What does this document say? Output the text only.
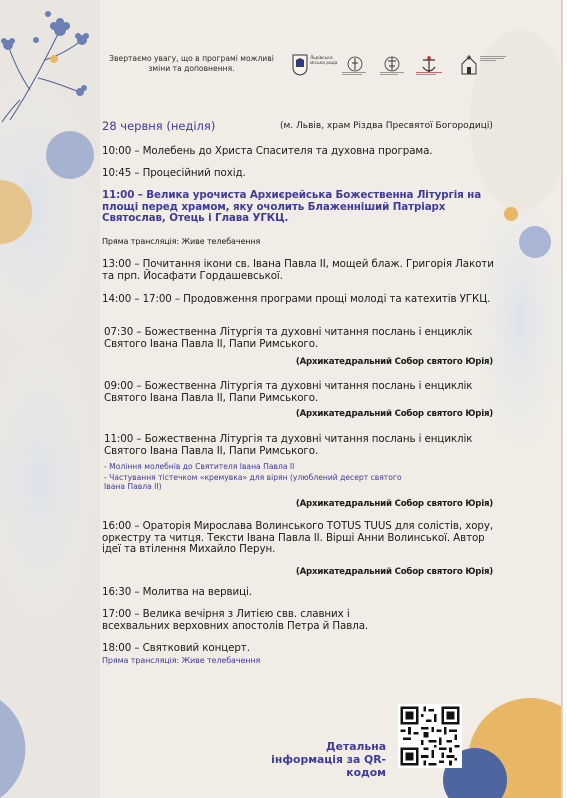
Звертаємо увагу, що в програмі можливі зміни та доповнення.
Львівська міська рада
28 червня (неділя)	(м. Львів, храм Різдва Пресвятої Богородиці)
10:00 – Молебень до Христа Спасителя та духовна програма.
10:45 – Процесійний похід.
11:00 – Велика урочиста Архиєрейська Божественна Літургія на площі перед храмом, яку очолить Блаженніший Патріарх Святослав, Отець і Глава УГКЦ.
Пряма трансляція: Живе телебачення
13:00 – Почитання ікони св. Івана Павла ІІ, мощей блаж. Григорія Лакоти та прп. Йосафати Гордашевської.
14:00 – 17:00 – Продовження програми прощі молоді та катехитів УГКЦ.
07:30 – Божественна Літургія та духовні читання послань і енциклік Святого Івана Павла ІІ, Папи Римського.
(Архикатедральний Собор святого Юрія)
09:00 – Божественна Літургія та духовні читання послань і енциклік Святого Івана Павла ІІ, Папи Римського.
(Архикатедральний Собор святого Юрія)
11:00 – Божественна Літургія та духовні читання послань і енциклік Святого Івана Павла ІІ, Папи Римського.
- Моління молебнів до Святителя Івана Павла ІІ
- Частування тістечком «кремувка» для вірян (улюблений десерт святого Івана Павла ІІ)
(Архикатедральний Собор святого Юрія)
16:00 – Ораторія Мирослава Волинського TOTUS TUUS для солістів, хору, оркестру та читця. Тексти Івана Павла ІІ. Вірші Анни Волинської. Автор ідеї та втілення Михайло Перун.
(Архикатедральний Собор святого Юрія)
16:30 – Молитва на вервиці.
17:00 – Велика вечірня з Литією свв. славних і всехвальних верховних апостолів Петра й Павла.
18:00 – Святковий концерт.
Пряма трансляція: Живе телебачення
Детальна інформація за QR-кодом
